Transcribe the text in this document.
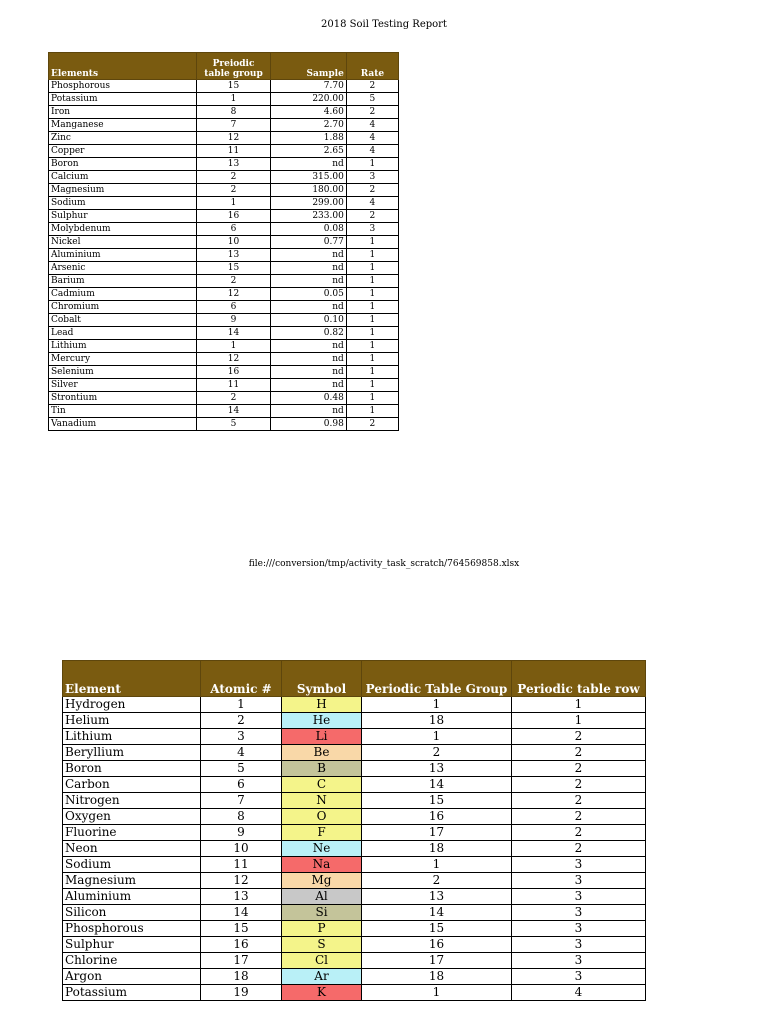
2018 Soil Testing Report
Elements	Preiodic table group	Sample	Rate
Phosphorous	15	7.70	2
Potassium	1	220.00	5
Iron	8	4.60	2
Manganese	7	2.70	4
Zinc	12	1.88	4
Copper	11	2.65	4
Boron	13	nd	1
Calcium	2	315.00	3
Magnesium	2	180.00	2
Sodium	1	299.00	4
Sulphur	16	233.00	2
Molybdenum	6	0.08	3
Nickel	10	0.77	1
Aluminium	13	nd	1
Arsenic	15	nd	1
Barium	2	nd	1
Cadmium	12	0.05	1
Chromium	6	nd	1
Cobalt	9	0.10	1
Lead	14	0.82	1
Lithium	1	nd	1
Mercury	12	nd	1
Selenium	16	nd	1
Silver	11	nd	1
Strontium	2	0.48	1
Tin	14	nd	1
Vanadium	5	0.98	2
file:///conversion/tmp/activity_task_scratch/764569858.xlsx
Element	Atomic #	Symbol	Periodic Table Group	Periodic table row
Hydrogen	1	H	1	1
Helium	2	He	18	1
Lithium	3	Li	1	2
Beryllium	4	Be	2	2
Boron	5	B	13	2
Carbon	6	C	14	2
Nitrogen	7	N	15	2
Oxygen	8	O	16	2
Fluorine	9	F	17	2
Neon	10	Ne	18	2
Sodium	11	Na	1	3
Magnesium	12	Mg	2	3
Aluminium	13	Al	13	3
Silicon	14	Si	14	3
Phosphorous	15	P	15	3
Sulphur	16	S	16	3
Chlorine	17	Cl	17	3
Argon	18	Ar	18	3
Potassium	19	K	1	4
